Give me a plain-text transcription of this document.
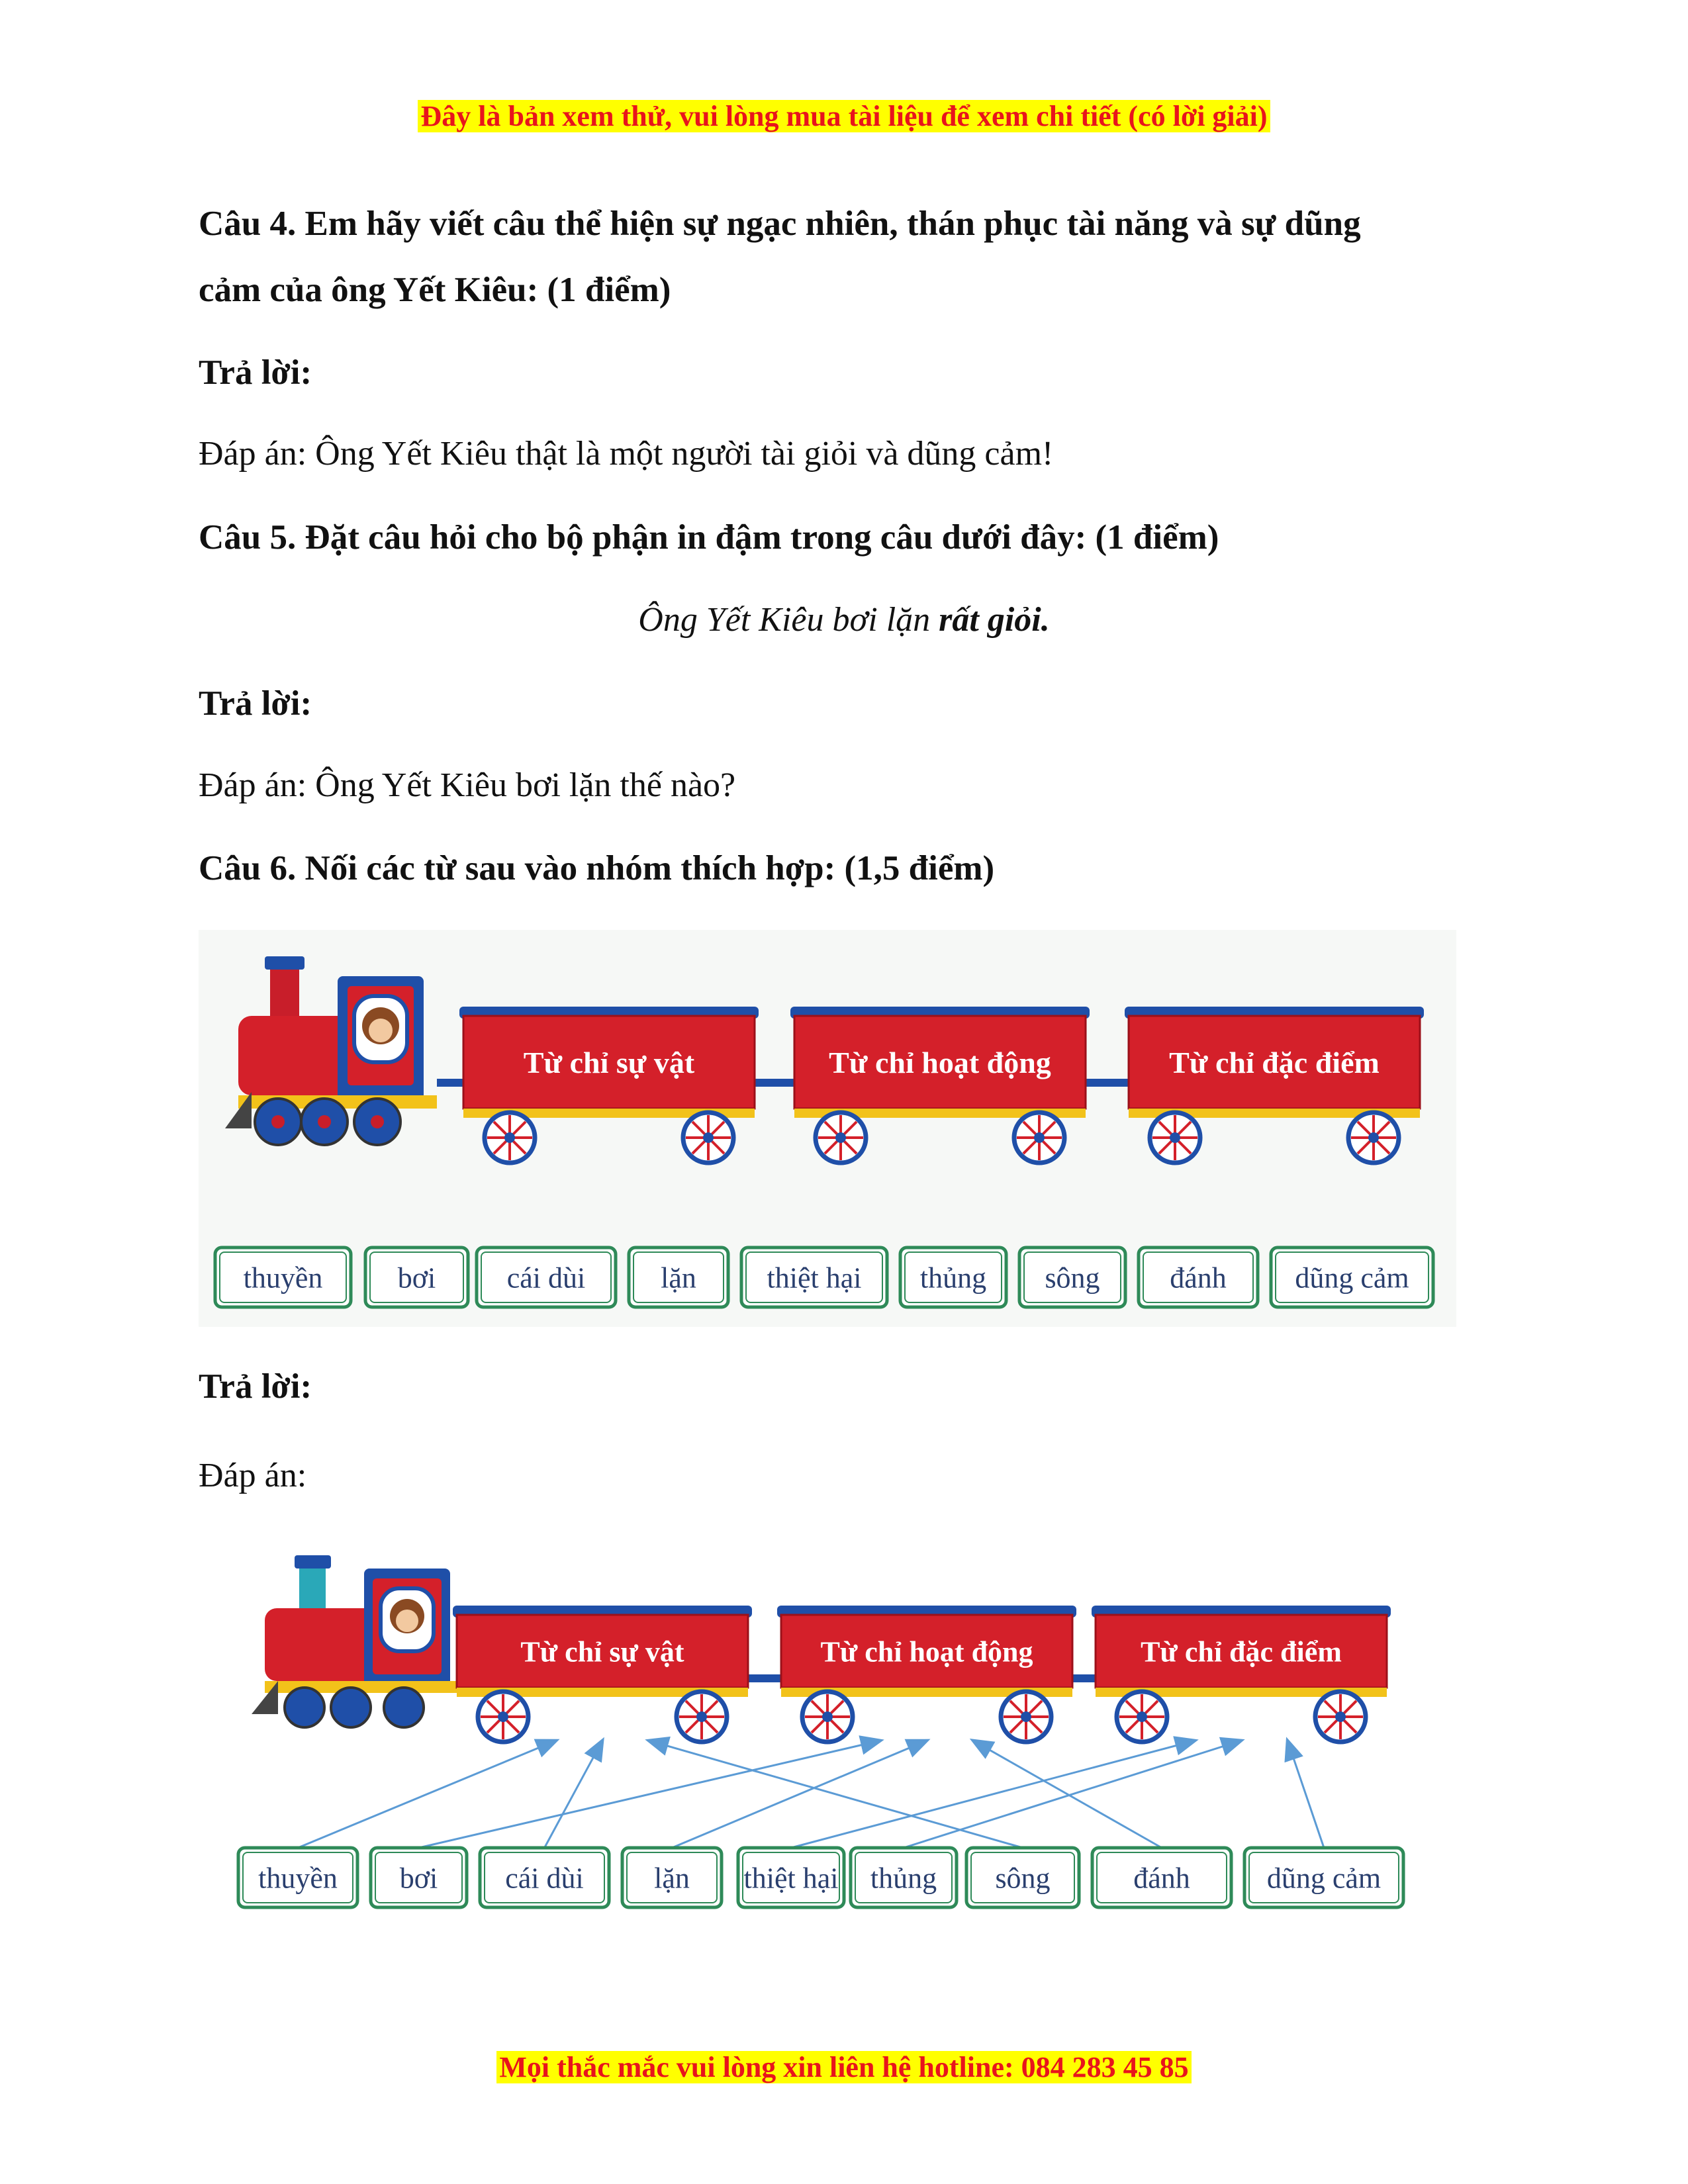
Đây là bản xem thử, vui lòng mua tài liệu để xem chi tiết (có lời giải)
Câu 4. Em hãy viết câu thể hiện sự ngạc nhiên, thán phục tài năng và sự dũng
cảm của ông Yết Kiêu: (1 điểm)
Trả lời:
Đáp án: Ông Yết Kiêu thật là một người tài giỏi và dũng cảm!
Câu 5. Đặt câu hỏi cho bộ phận in đậm trong câu dưới đây: (1 điểm)
Ông Yết Kiêu bơi lặn rất giỏi.
Trả lời:
Đáp án: Ông Yết Kiêu bơi lặn thế nào?
Câu 6. Nối các từ sau vào nhóm thích hợp: (1,5 điểm)
Từ chỉ sự vật	Từ chỉ hoạt động	Từ chỉ đặc điểm
thuyền	bơi cái dùi	lặn thiệt hại thủng sông đánh dũng cảm
Trả lời:
Đáp án:
Từ chỉ sự vật	Từ chỉ hoạt động	Từ chỉ đặc điểm
thuyền bơi cái dùi lặn thiệt hại thủng sông	đánh	dũng cảm
Mọi thắc mắc vui lòng xin liên hệ hotline: 084 283 45 85
